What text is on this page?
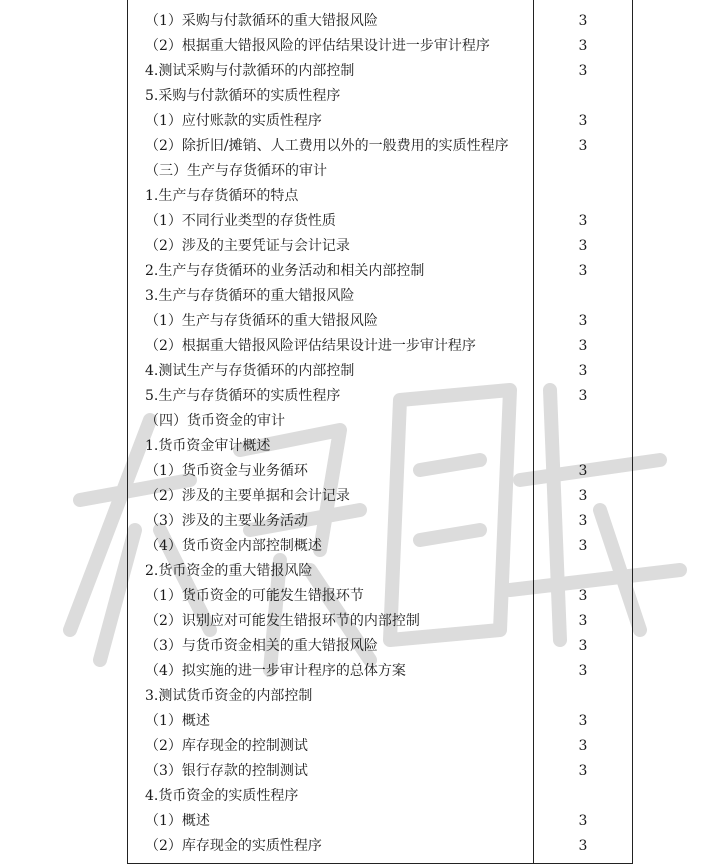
（1）采购与付款循环的重大错报风险	3
（2）根据重大错报风险的评估结果设计进一步审计程序	3
4.测试采购与付款循环的内部控制	3
5.采购与付款循环的实质性程序
（1）应付账款的实质性程序	3
（2）除折旧/摊销、人工费用以外的一般费用的实质性程序	3
（三）生产与存货循环的审计
1.生产与存货循环的特点
（1）不同行业类型的存货性质	3
（2）涉及的主要凭证与会计记录	3
2.生产与存货循环的业务活动和相关内部控制	3
3.生产与存货循环的重大错报风险
（1）生产与存货循环的重大错报风险	3
（2）根据重大错报风险评估结果设计进一步审计程序	3
4.测试生产与存货循环的内部控制	3
5.生产与存货循环的实质性程序	3
（四）货币资金的审计
1.货币资金审计概述
（1）货币资金与业务循环	3
（2）涉及的主要单据和会计记录	3
（3）涉及的主要业务活动	3
（4）货币资金内部控制概述	3
2.货币资金的重大错报风险
（1）货币资金的可能发生错报环节	3
（2）识别应对可能发生错报环节的内部控制	3
（3）与货币资金相关的重大错报风险	3
（4）拟实施的进一步审计程序的总体方案	3
3.测试货币资金的内部控制
（1）概述	3
（2）库存现金的控制测试	3
（3）银行存款的控制测试	3
4.货币资金的实质性程序
（1）概述	3
（2）库存现金的实质性程序	3
